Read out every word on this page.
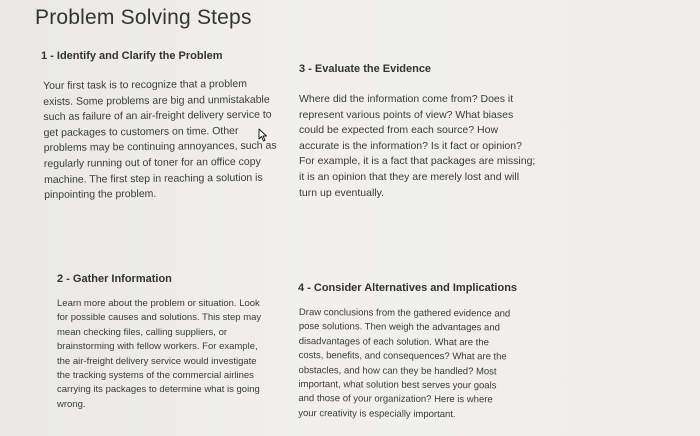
Problem Solving Steps
1 - Identify and Clarify the Problem
Your first task is to recognize that a problem
exists. Some problems are big and unmistakable
such as failure of an air-freight delivery service to
get packages to customers on time. Other
problems may be continuing annoyances, such as
regularly running out of toner for an office copy
machine. The first step in reaching a solution is
pinpointing the problem.
3 - Evaluate the Evidence
Where did the information come from? Does it
represent various points of view? What biases
could be expected from each source? How
accurate is the information? Is it fact or opinion?
For example, it is a fact that packages are missing;
it is an opinion that they are merely lost and will
turn up eventually.
2 - Gather Information
Learn more about the problem or situation. Look
for possible causes and solutions. This step may
mean checking files, calling suppliers, or
brainstorming with fellow workers. For example,
the air-freight delivery service would investigate
the tracking systems of the commercial airlines
carrying its packages to determine what is going
wrong.
4 - Consider Alternatives and Implications
Draw conclusions from the gathered evidence and
pose solutions. Then weigh the advantages and
disadvantages of each solution. What are the
costs, benefits, and consequences? What are the
obstacles, and how can they be handled? Most
important, what solution best serves your goals
and those of your organization? Here is where
your creativity is especially important.
